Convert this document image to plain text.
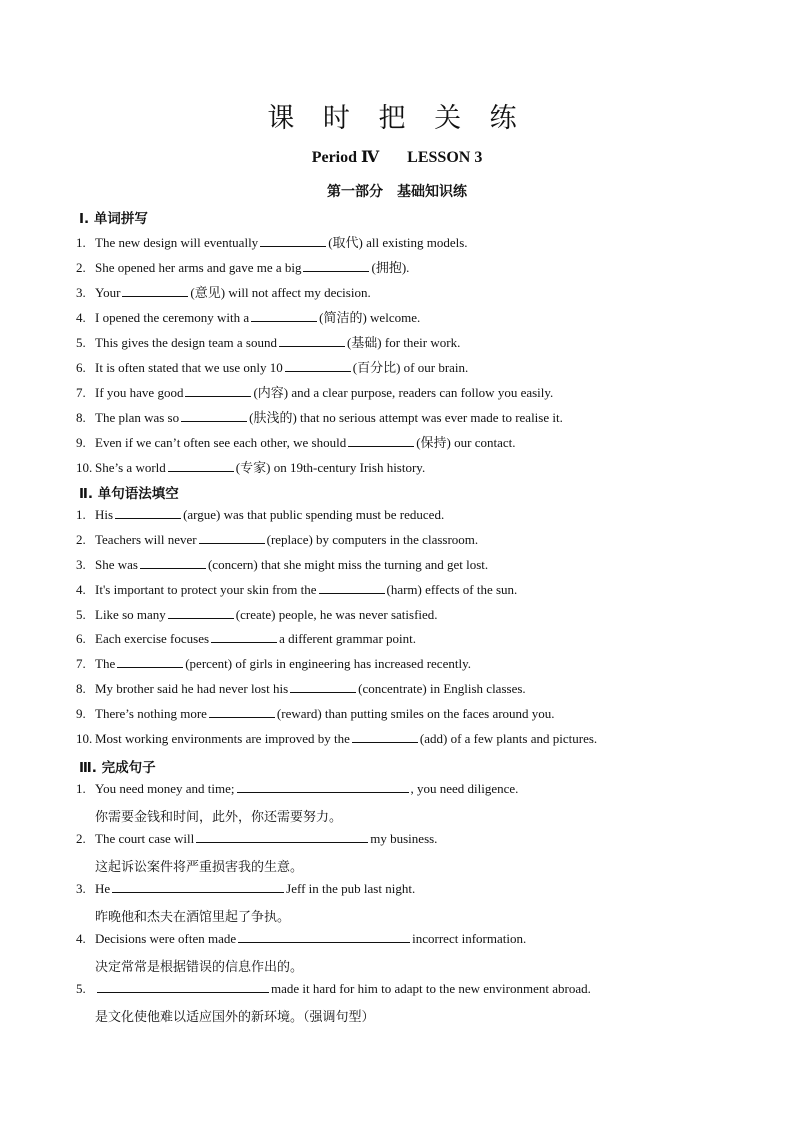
课 时 把 关 练
Period Ⅳ LESSON 3
第一部分　基础知识练
Ⅰ. 单词拼写
1. The new design will eventually	(取代) all existing models.
2. She opened her arms and gave me a big	(拥抱).
3. Your	(意见) will not affect my decision.
4. I opened the ceremony with a	(简洁的) welcome.
5. This gives the design team a sound	(基础) for their work.
6. It is often stated that we use only 10	(百分比) of our brain.
7. If you have good	(内容) and a clear purpose, readers can follow you easily.
8. The plan was so	(肤浅的) that no serious attempt was ever made to realise it.
9. Even if we can’t often see each other, we should	(保持) our contact.
10. She’s a world	(专家) on 19th-century Irish history.
Ⅱ. 单句语法填空
1. His	(argue) was that public spending must be reduced.
2. Teachers will never	(replace) by computers in the classroom.
3. She was	(concern) that she might miss the turning and get lost.
4. It's important to protect your skin from the	(harm) effects of the sun.
5. Like so many	(create) people, he was never satisfied.
6. Each exercise focuses	a different grammar point.
7. The	(percent) of girls in engineering has increased recently.
8. My brother said he had never lost his	(concentrate) in English classes.
9. There’s nothing more	(reward) than putting smiles on the faces around you.
10. Most working environments are improved by the	(add) of a few plants and pictures.
Ⅲ. 完成句子
1. You need money and time;	, you need diligence.
你需要金钱和时间，此外，你还需要努力。
2. The court case will	my business.
这起诉讼案件将严重损害我的生意。
3. He	Jeff in the pub last night.
昨晚他和杰夫在酒馆里起了争执。
4. Decisions were often made	incorrect information.
决定常常是根据错误的信息作出的。
5.	made it hard for him to adapt to the new environment abroad.
是文化使他难以适应国外的新环境。（强调句型）
